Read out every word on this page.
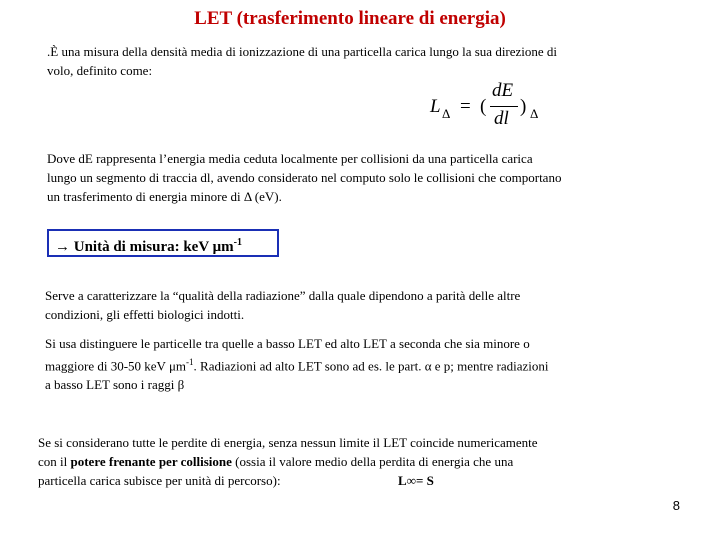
LET (trasferimento lineare di energia)
.È una misura della densità media di ionizzazione di una particella carica lungo la sua direzione di
volo, definito come:
L Δ = (
dE
dl
) Δ
Dove dE rappresenta l’energia media ceduta localmente per collisioni da una particella carica
lungo un segmento di traccia dl, avendo considerato nel computo solo le collisioni che comportano
un trasferimento di energia minore di Δ (eV).
→ Unità di misura: keV $\mu m^{-1}$
Serve a caratterizzare la “qualità della radiazione” dalla quale dipendono a parità delle altre
condizioni, gli effetti biologici indotti.
Si usa distinguere le particelle tra quelle a basso LET ed alto LET a seconda che sia minore o
maggiore di 30-50 keV $\mu m^{-1}$. Radiazioni ad alto LET sono ad es. le part. α e p; mentre radiazioni
a basso LET sono i raggi β
Se si considerano tutte le perdite di energia, senza nessun limite il LET coincide numericamente
con il potere frenante per collisione (ossia il valore medio della perdita di energia che una
particella carica subisce per unità di percorso):	L∞= S
8
